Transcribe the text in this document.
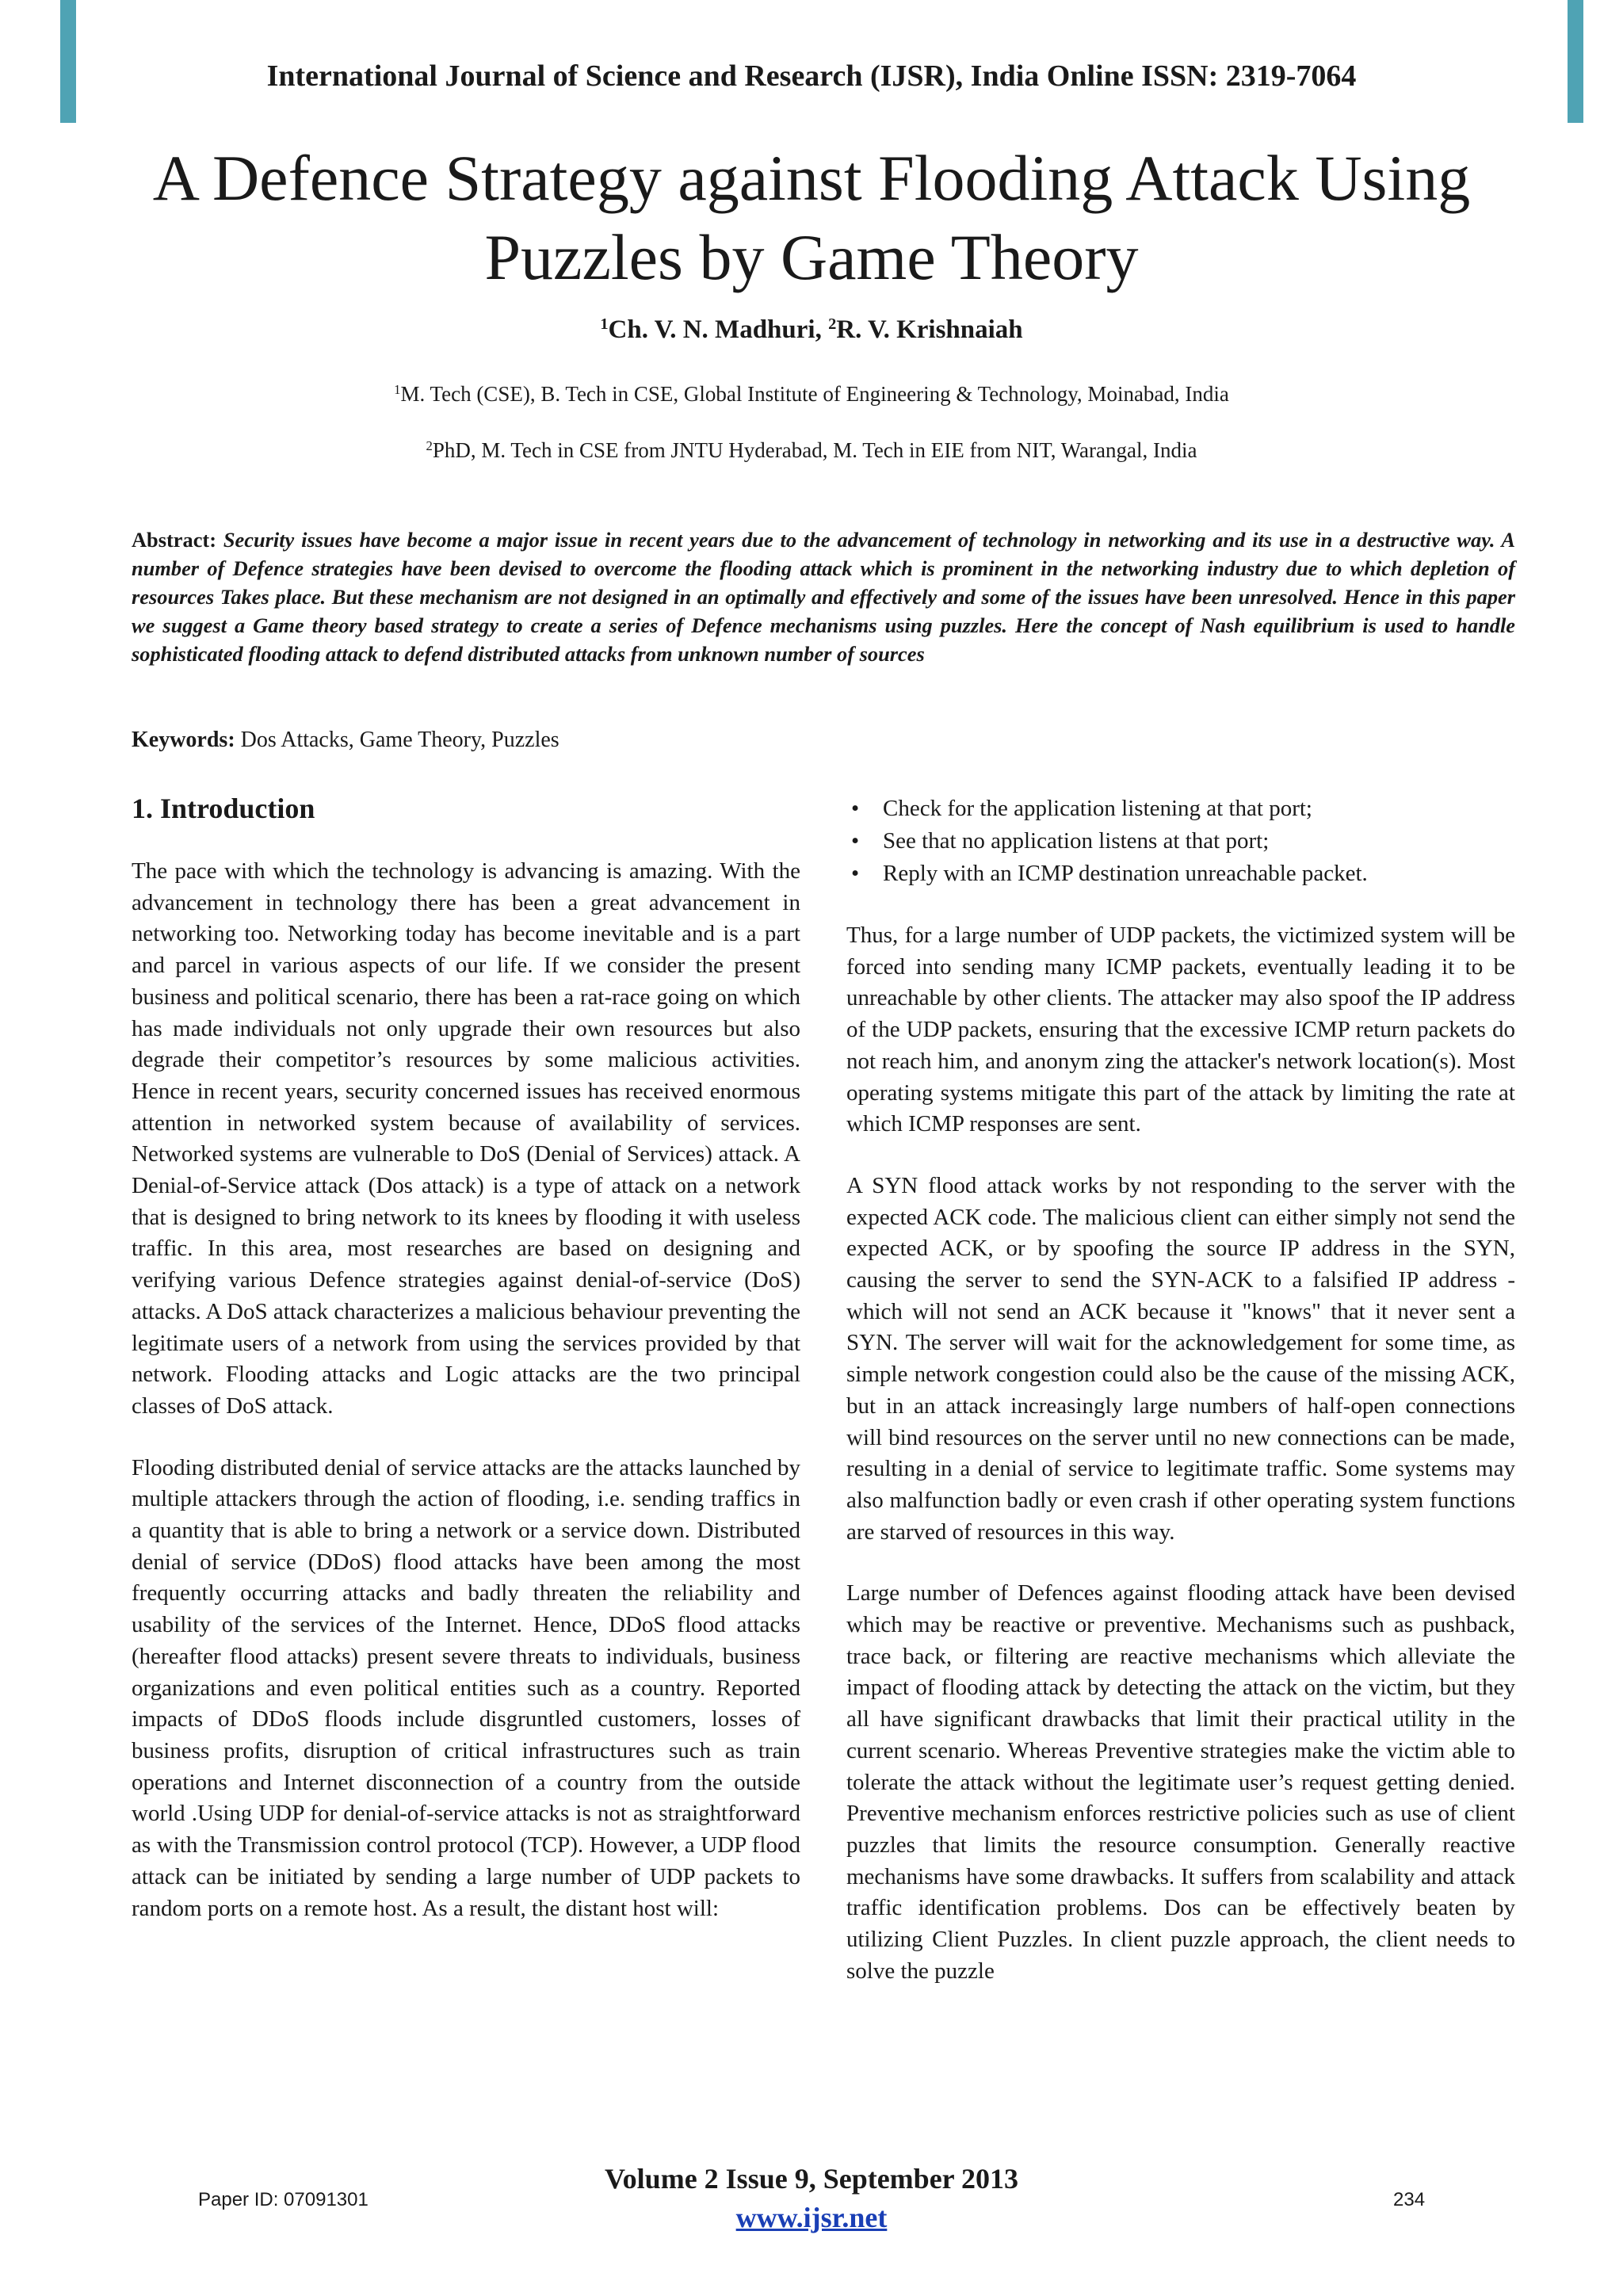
International Journal of Science and Research (IJSR), India Online ISSN: 2319-7064
A Defence Strategy against Flooding Attack Using
Puzzles by Game Theory
$^1$Ch. V. N. Madhuri, $^2$R. V. Krishnaiah
$^1$M. Tech (CSE), B. Tech in CSE, Global Institute of Engineering & Technology, Moinabad, India
$^2$PhD, M. Tech in CSE from JNTU Hyderabad, M. Tech in EIE from NIT, Warangal, India
Abstract: Security issues have become a major issue in recent years due to the advancement of technology in networking and its use in a destructive way. A number of Defence strategies have been devised to overcome the flooding attack which is prominent in the networking industry due to which depletion of resources Takes place. But these mechanism are not designed in an optimally and effectively and some of the issues have been unresolved. Hence in this paper we suggest a Game theory based strategy to create a series of Defence mechanisms using puzzles. Here the concept of Nash equilibrium is used to handle sophisticated flooding attack to defend distributed attacks from unknown number of sources
Keywords: Dos Attacks, Game Theory, Puzzles
1. Introduction

The pace with which the technology is advancing is amazing. With the advancement in technology there has been a great advancement in networking too. Networking today has become inevitable and is a part and parcel in various aspects of our life. If we consider the present business and political scenario, there has been a rat-race going on which has made individuals not only upgrade their own resources but also degrade their competitor’s resources by some malicious activities. Hence in recent years, security concerned issues has received enormous attention in networked system because of availability of services. Networked systems are vulnerable to DoS (Denial of Services) attack. A Denial-of-Service attack (Dos attack) is a type of attack on a network that is designed to bring network to its knees by flooding it with useless traffic. In this area, most researches are based on designing and verifying various Defence strategies against denial-of-service (DoS) attacks. A DoS attack characterizes a malicious behaviour preventing the legitimate users of a network from using the services provided by that network. Flooding attacks and Logic attacks are the two principal classes of DoS attack.

Flooding distributed denial of service attacks are the attacks launched by multiple attackers through the action of flooding, i.e. sending traffics in a quantity that is able to bring a network or a service down. Distributed denial of service (DDoS) flood attacks have been among the most frequently occurring attacks and badly threaten the reliability and usability of the services of the Internet. Hence, DDoS flood attacks (hereafter flood attacks) present severe threats to individuals, business organizations and even political entities such as a country. Reported impacts of DDoS floods include disgruntled customers, losses of business profits, disruption of critical infrastructures such as train operations and Internet disconnection of a country from the outside world .Using UDP for denial-of-service attacks is not as straightforward as with the Transmission control protocol (TCP). However, a UDP flood attack can be initiated by sending a large number of UDP packets to random ports on a remote host. As a result, the distant host will:

• Check for the application listening at that port;
• See that no application listens at that port;
• Reply with an ICMP destination unreachable packet.

Thus, for a large number of UDP packets, the victimized system will be forced into sending many ICMP packets, eventually leading it to be unreachable by other clients. The attacker may also spoof the IP address of the UDP packets, ensuring that the excessive ICMP return packets do not reach him, and anonym zing the attacker's network location(s). Most operating systems mitigate this part of the attack by limiting the rate at which ICMP responses are sent.

A SYN flood attack works by not responding to the server with the expected ACK code. The malicious client can either simply not send the expected ACK, or by spoofing the source IP address in the SYN, causing the server to send the SYN-ACK to a falsified IP address - which will not send an ACK because it "knows" that it never sent a SYN. The server will wait for the acknowledgement for some time, as simple network congestion could also be the cause of the missing ACK, but in an attack increasingly large numbers of half-open connections will bind resources on the server until no new connections can be made, resulting in a denial of service to legitimate traffic. Some systems may also malfunction badly or even crash if other operating system functions are starved of resources in this way.

Large number of Defences against flooding attack have been devised which may be reactive or preventive. Mechanisms such as pushback, trace back, or filtering are reactive mechanisms which alleviate the impact of flooding attack by detecting the attack on the victim, but they all have significant drawbacks that limit their practical utility in the current scenario. Whereas Preventive strategies make the victim able to tolerate the attack without the legitimate user’s request getting denied. Preventive mechanism enforces restrictive policies such as use of client puzzles that limits the resource consumption. Generally reactive mechanisms have some drawbacks. It suffers from scalability and attack traffic identification problems. Dos can be effectively beaten by utilizing Client Puzzles. In client puzzle approach, the client needs to solve the puzzle

Volume 2 Issue 9, September 2013
www.ijsr.net
Paper ID: 07091301	234
